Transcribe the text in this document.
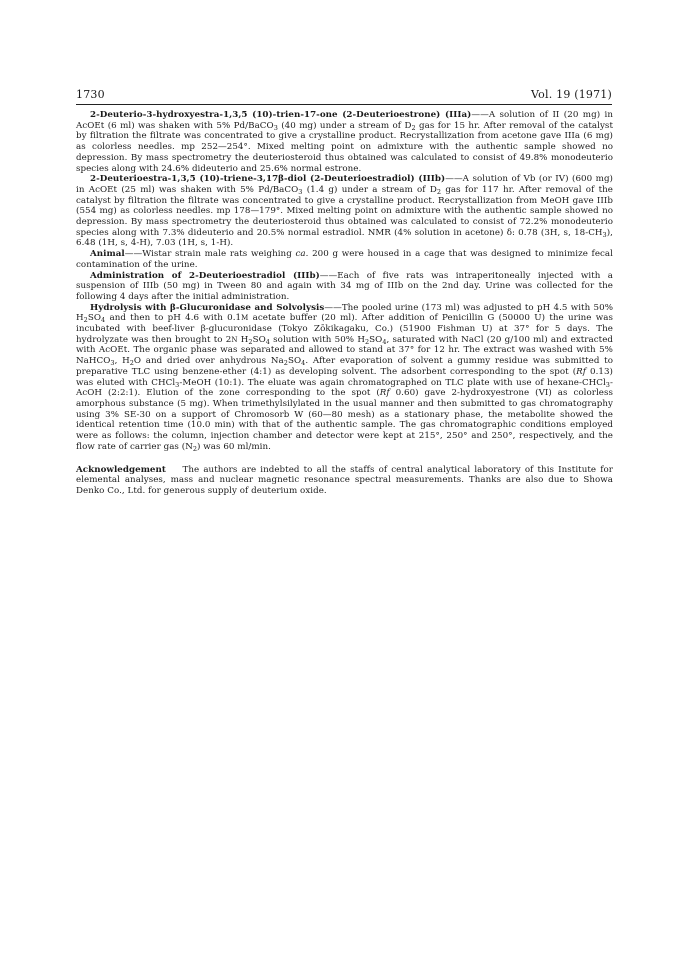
1730	Vol. 19 (1971)

2-Deuterio-3-hydroxyestra-1,3,5 (10)-trien-17-one (2-Deuterioestrone) (IIIa)——A solution of II (20 mg) in AcOEt (6 ml) was shaken with 5% Pd/BaCO$_3$ (40 mg) under a stream of $D_2$ gas for 15 hr. After removal of the catalyst by filtration the filtrate was concentrated to give a crystalline product. Recrystallization from acetone gave IIIa (6 mg) as colorless needles. mp 252—254°. Mixed melting point on admixture with the authentic sample showed no depression. By mass spectrometry the deuteriosteroid thus obtained was calculated to consist of 49.8% monodeuterio species along with 24.6% dideuterio and 25.6% normal estrone.

2-Deuterioestra-1,3,5 (10)-triene-3,17β-diol (2-Deuterioestradiol) (IIIb)——A solution of Vb (or IV) (600 mg) in AcOEt (25 ml) was shaken with 5% Pd/BaCO$_3$ (1.4 g) under a stream of $D_2$ gas for 117 hr. After removal of the catalyst by filtration the filtrate was concentrated to give a crystalline product. Recrystallization from MeOH gave IIIb (554 mg) as colorless needles. mp 178—179°. Mixed melting point on admixture with the authentic sample showed no depression. By mass spectrometry the deuteriosteroid thus obtained was calculated to consist of 72.2% monodeuterio species along with 7.3% dideuterio and 20.5% normal estradiol. NMR (4% solution in acetone) δ: 0.78 (3H, s, $18-CH_3$), 6.48 (1H, s, 4-H), 7.03 (1H, s, 1-H).

Animal——Wistar strain male rats weighing ca. 200 g were housed in a cage that was designed to minimize fecal contamination of the urine.

Administration of 2-Deuterioestradiol (IIIb)——Each of five rats was intraperitoneally injected with a suspension of IIIb (50 mg) in Tween 80 and again with 34 mg of IIIb on the 2nd day. Urine was collected for the following 4 days after the initial administration.

Hydrolysis with β-Glucuronidase and Solvolysis——The pooled urine (173 ml) was adjusted to pH 4.5 with 50% $H_2SO_4$ and then to pH 4.6 with 0.1M acetate buffer (20 ml). After addition of Penicillin G (50000 U) the urine was incubated with beef-liver β-glucuronidase (Tokyo Zōkikagaku, Co.) (51900 Fishman U) at 37° for 5 days. The hydrolyzate was then brought to 2N $H_2SO_4$ solution with 50% $H_2SO_4$, saturated with NaCl (20 g/100 ml) and extracted with AcOEt. The organic phase was separated and allowed to stand at 37° for 12 hr. The extract was washed with 5% NaHCO$_3$, $H_2O$ and dried over anhydrous $Na_2SO_4$. After evaporation of solvent a gummy residue was submitted to preparative TLC using benzene-ether (4:1) as developing solvent. The adsorbent corresponding to the spot (Rf 0.13) was eluted with CHCl$_3$-MeOH (10:1). The eluate was again chromatographed on TLC plate with use of hexane-CHCl$_3$-AcOH (2:2:1). Elution of the zone corresponding to the spot (Rf 0.60) gave 2-hydroxyestrone (VI) as colorless amorphous substance (5 mg). When trimethylsilylated in the usual manner and then submitted to gas chromatography using 3% SE-30 on a support of Chromosorb W (60—80 mesh) as a stationary phase, the metabolite showed the identical retention time (10.0 min) with that of the authentic sample. The gas chromatographic conditions employed were as follows: the column, injection chamber and detector were kept at 215°, 250° and 250°, respectively, and the flow rate of carrier gas $(N_2)$ was 60 ml/min.

Acknowledgement    The authors are indebted to all the staffs of central analytical laboratory of this Institute for elemental analyses, mass and nuclear magnetic resonance spectral measurements. Thanks are also due to Showa Denko Co., Ltd. for generous supply of deuterium oxide.
